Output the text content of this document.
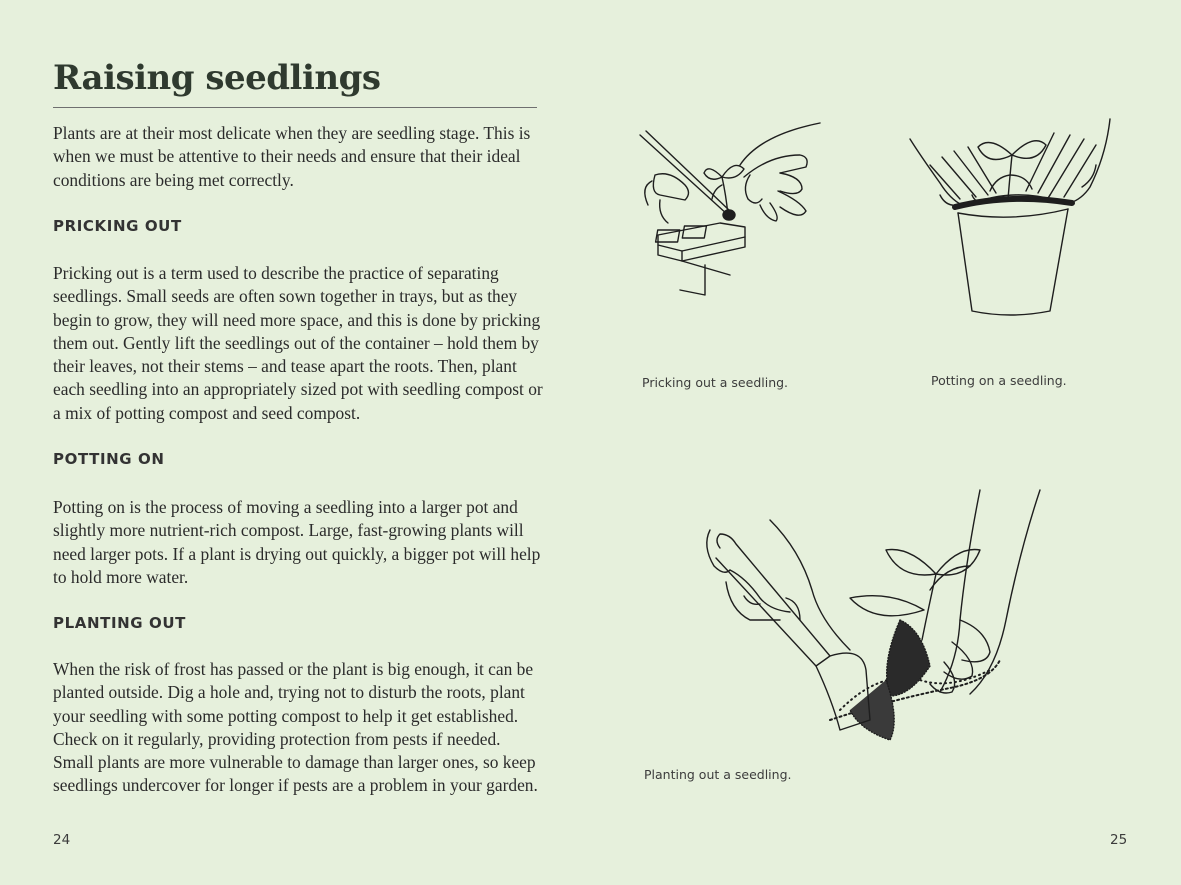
Raising seedlings

Plants are at their most delicate when they are seedling stage. This is when we must be attentive to their needs and ensure that their ideal conditions are being met correctly.

PRICKING OUT

Pricking out is a term used to describe the practice of separating seedlings. Small seeds are often sown together in trays, but as they begin to grow, they will need more space, and this is done by pricking them out. Gently lift the seedlings out of the container – hold them by their leaves, not their stems – and tease apart the roots. Then, plant each seedling into an appropriately sized pot with seedling compost or a mix of potting compost and seed compost.

POTTING ON

Potting on is the process of moving a seedling into a larger pot and slightly more nutrient-rich compost. Large, fast-growing plants will need larger pots. If a plant is drying out quickly, a bigger pot will help to hold more water.

PLANTING OUT

When the risk of frost has passed or the plant is big enough, it can be planted outside. Dig a hole and, trying not to disturb the roots, plant your seedling with some potting compost to help it get established. Check on it regularly, providing protection from pests if needed. Small plants are more vulnerable to damage than larger ones, so keep seedlings undercover for longer if pests are a problem in your garden.

24
Pricking out a seedling.	Potting on a seedling.
Planting out a seedling.
25
